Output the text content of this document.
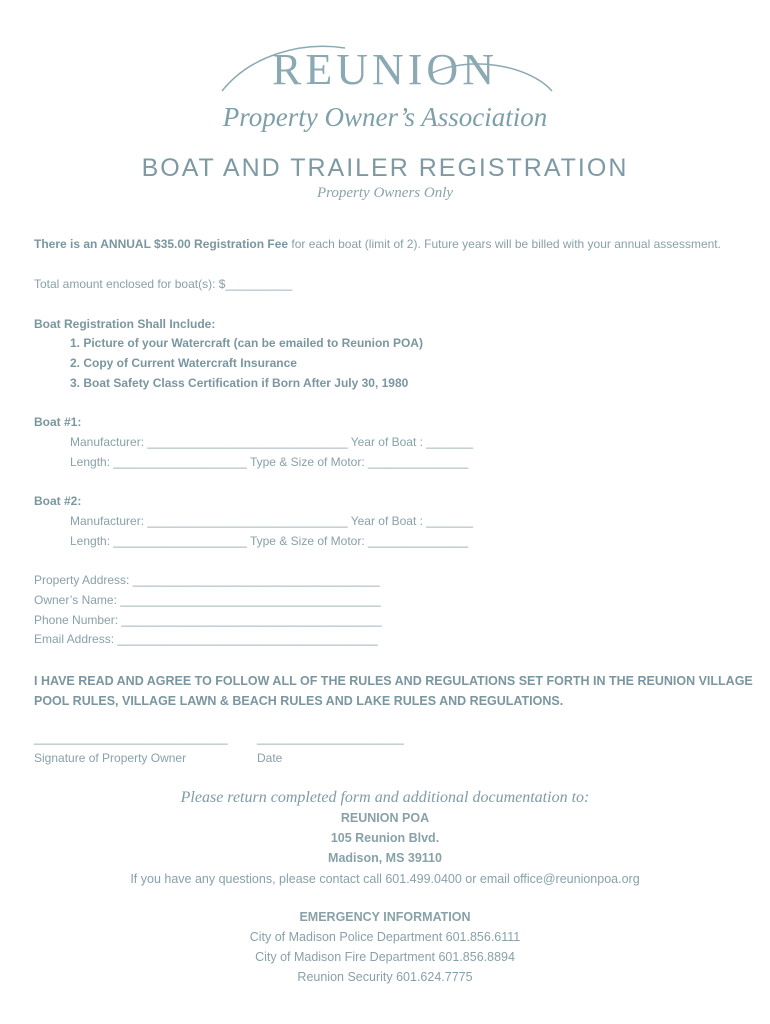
REUNION
Property Owner’s Association
BOAT AND TRAILER REGISTRATION
Property Owners Only
There is an ANNUAL $35.00 Registration Fee for each boat (limit of 2). Future years will be billed with your annual assessment.
Total amount enclosed for boat(s): $__________
Boat Registration Shall Include:
1. Picture of your Watercraft (can be emailed to Reunion POA)
2. Copy of Current Watercraft Insurance
3. Boat Safety Class Certification if Born After July 30, 1980
Boat #1:
Manufacturer: ______________________________ Year of Boat : _______
Length: ____________________ Type & Size of Motor: _______________
Boat #2:
Manufacturer: ______________________________ Year of Boat : _______
Length: ____________________ Type & Size of Motor: _______________
Property Address: _____________________________________
Owner’s Name: _______________________________________
Phone Number: _______________________________________
Email Address: _______________________________________
I HAVE READ AND AGREE TO FOLLOW ALL OF THE RULES AND REGULATIONS SET FORTH IN THE REUNION VILLAGE POOL RULES, VILLAGE LAWN & BEACH RULES AND LAKE RULES AND REGULATIONS.
_____________________________ ______________________
Signature of Property Owner	Date
Please return completed form and additional documentation to:
REUNION POA
105 Reunion Blvd.
Madison, MS 39110
If you have any questions, please contact call 601.499.0400 or email office@reunionpoa.org
EMERGENCY INFORMATION
City of Madison Police Department 601.856.6111
City of Madison Fire Department 601.856.8894
Reunion Security 601.624.7775
